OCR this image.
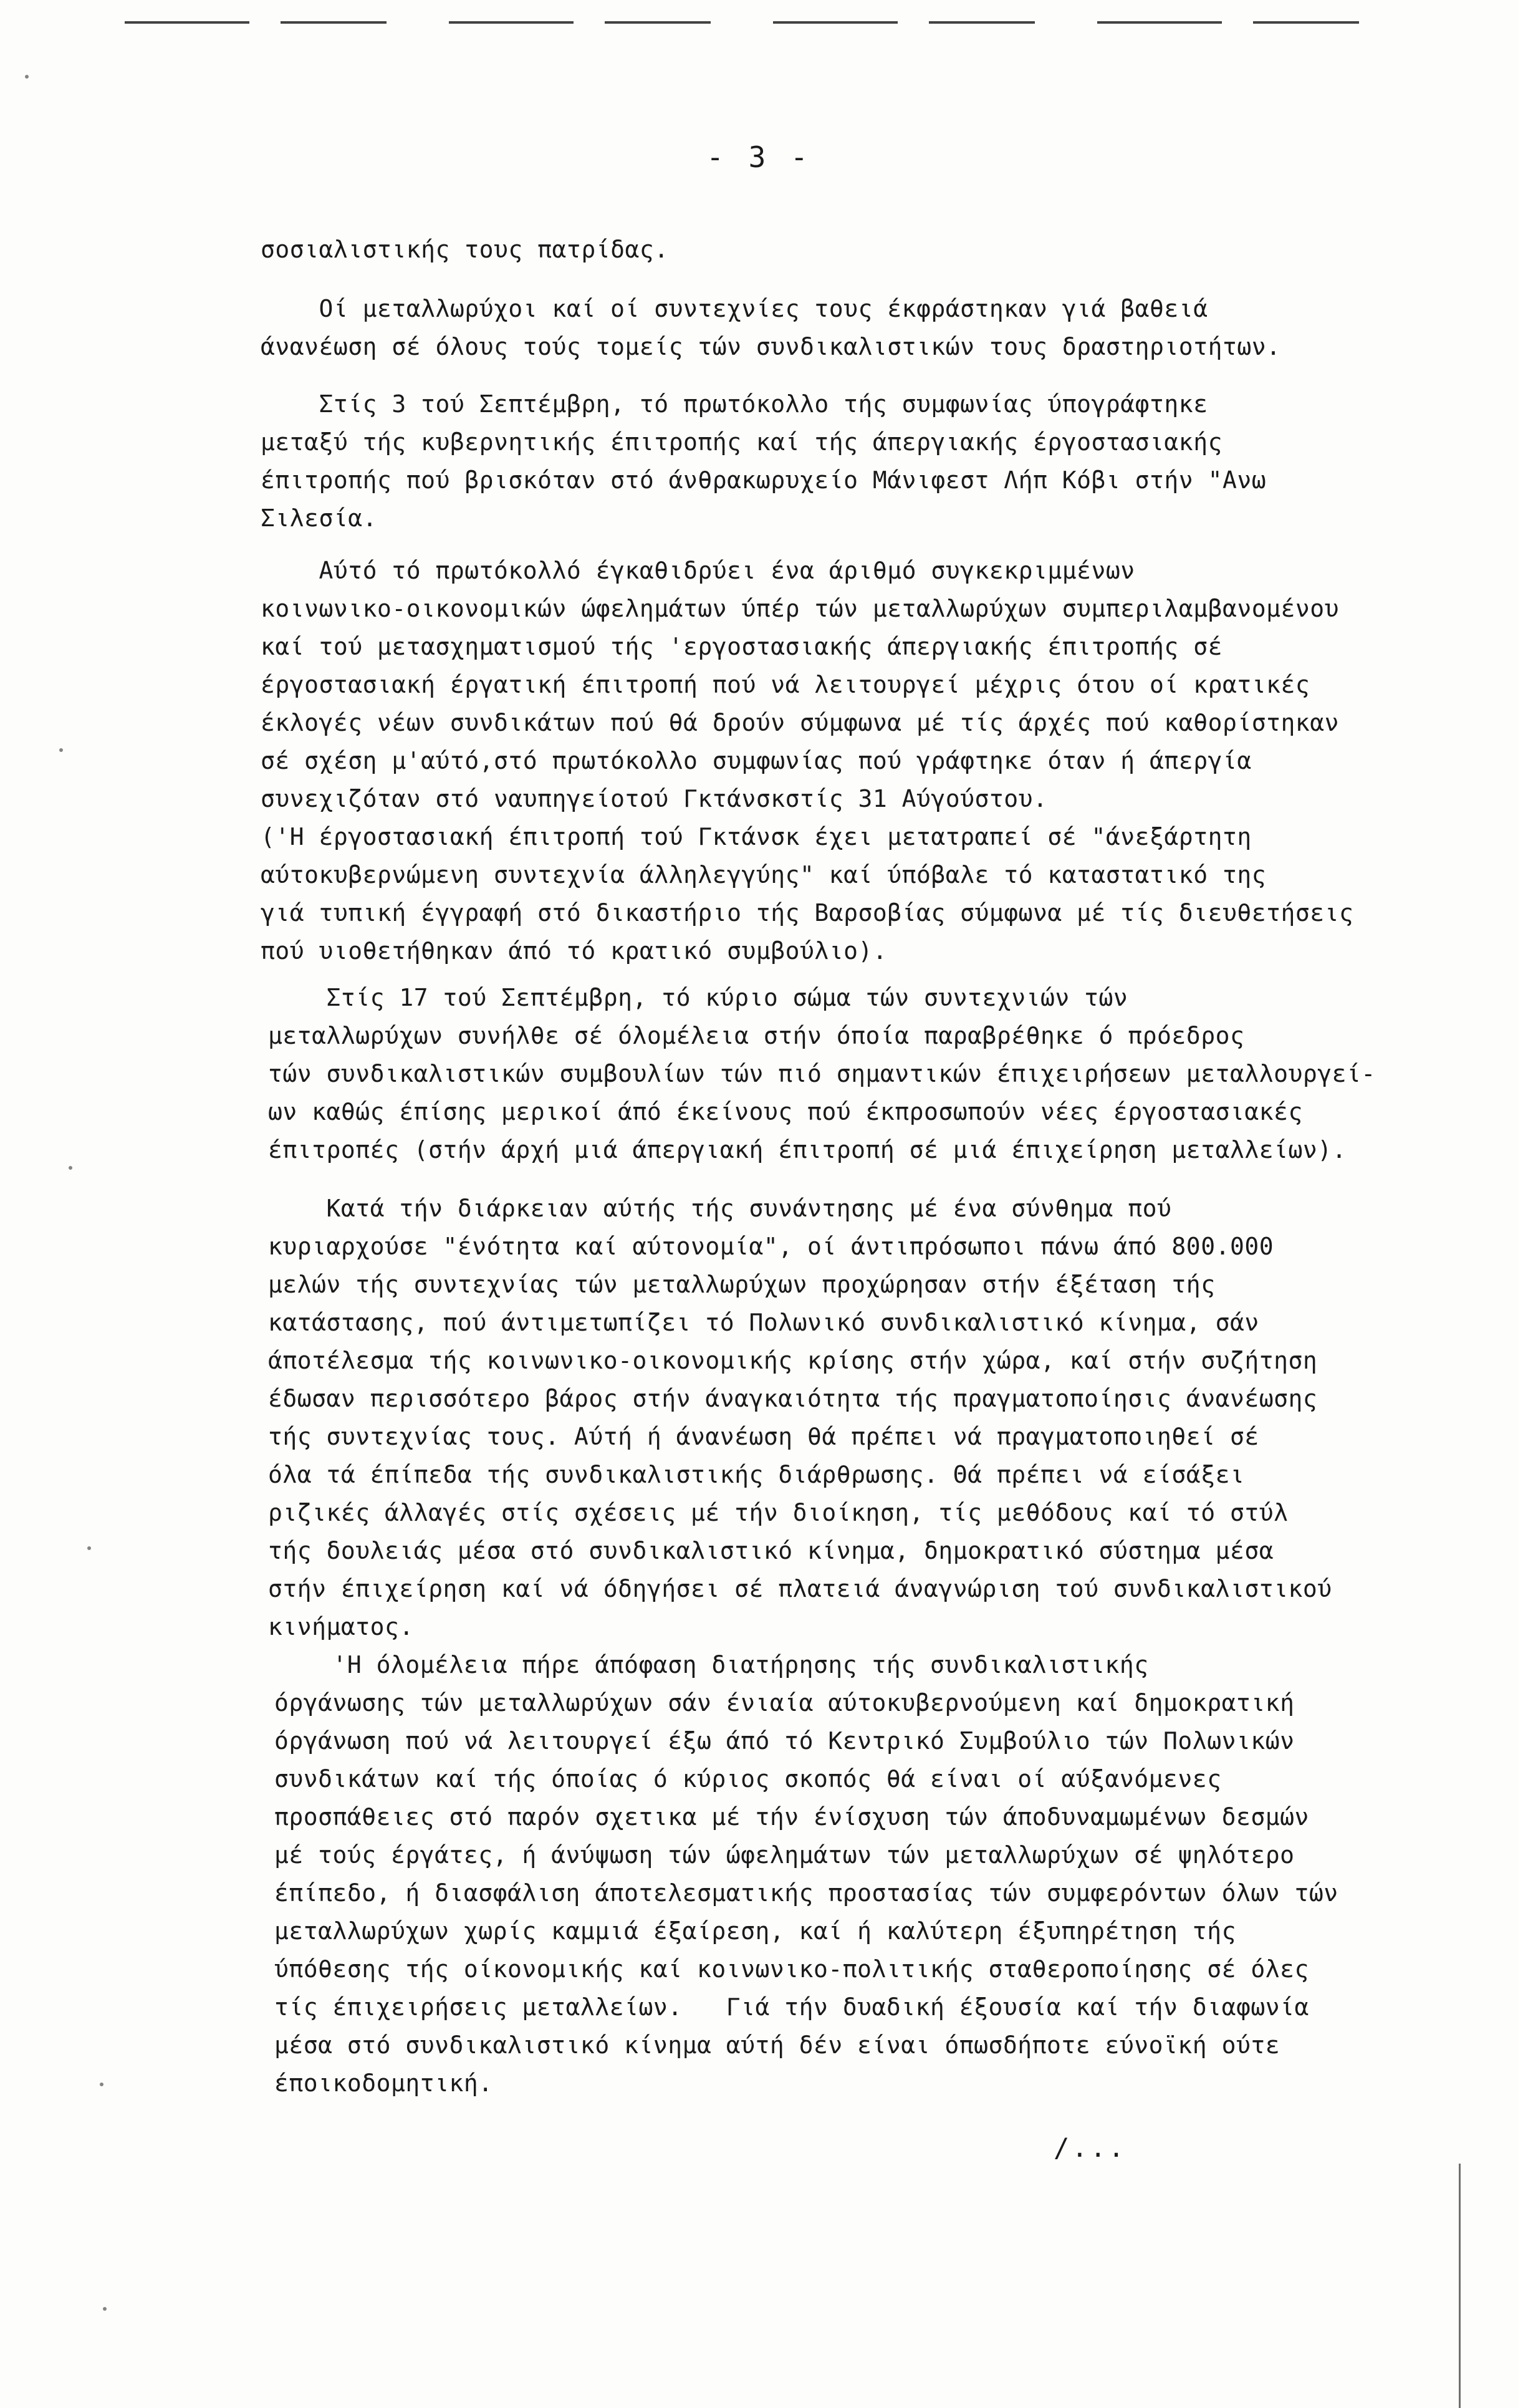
- 3 -

σοσιαλιστικής τους πατρίδας.

Οί μεταλλωρύχοι καί οί συντεχνίες τους έκφράστηκαν γιά βαθειά
άνανέωση σέ όλους τούς τομείς τών συνδικαλιστικών τους δραστηριοτήτων.

Στίς 3 τού Σεπτέμβρη, τό πρωτόκολλο τής συμφωνίας ύπογράφτηκε
μεταξύ τής κυβερνητικής έπιτροπής καί τής άπεργιακής έργοστασιακής
έπιτροπής πού βρισκόταν στό άνθρακωρυχείο Μάνιφεστ Λήπ Κόβι στήν "Ανω
Σιλεσία.

Αύτό τό πρωτόκολλό έγκαθιδρύει ένα άριθμό συγκεκριμμένων
κοινωνικο-οικονομικών ώφελημάτων ύπέρ τών μεταλλωρύχων συμπεριλαμβανομένου
καί τού μετασχηματισμού τής 'εργοστασιακής άπεργιακής έπιτροπής σέ
έργοστασιακή έργατική έπιτροπή πού νά λειτουργεί μέχρις ότου οί κρατικές
έκλογές νέων συνδικάτων πού θά δρούν σύμφωνα μέ τίς άρχές πού καθορίστηκαν
σέ σχέση μ'αύτό,στό πρωτόκολλο συμφωνίας πού γράφτηκε όταν ή άπεργία
συνεχιζόταν στό ναυπηγείοτού Γκτάνσκστίς 31 Αύγούστου.
('Η έργοστασιακή έπιτροπή τού Γκτάνσκ έχει μετατραπεί σέ "άνεξάρτητη
αύτοκυβερνώμενη συντεχνία άλληλεγγύης" καί ύπόβαλε τό καταστατικό της
γιά τυπική έγγραφή στό δικαστήριο τής Βαρσοβίας σύμφωνα μέ τίς διευθετήσεις
πού υιοθετήθηκαν άπό τό κρατικό συμβούλιο).

Στίς 17 τού Σεπτέμβρη, τό κύριο σώμα τών συντεχνιών τών
μεταλλωρύχων συνήλθε σέ όλομέλεια στήν όποία παραβρέθηκε ό πρόεδρος
τών συνδικαλιστικών συμβουλίων τών πιό σημαντικών έπιχειρήσεων μεταλλουργεί-
ων καθώς έπίσης μερικοί άπό έκείνους πού έκπροσωπούν νέες έργοστασιακές
έπιτροπές (στήν άρχή μιά άπεργιακή έπιτροπή σέ μιά έπιχείρηση μεταλλείων).

Κατά τήν διάρκειαν αύτής τής συνάντησης μέ ένα σύνθημα πού
κυριαρχούσε "ένότητα καί αύτονομία", οί άντιπρόσωποι πάνω άπό 800.000
μελών τής συντεχνίας τών μεταλλωρύχων προχώρησαν στήν έξέταση τής
κατάστασης, πού άντιμετωπίζει τό Πολωνικό συνδικαλιστικό κίνημα, σάν
άποτέλεσμα τής κοινωνικο-οικονομικής κρίσης στήν χώρα, καί στήν συζήτηση
έδωσαν περισσότερο βάρος στήν άναγκαιότητα τής πραγματοποίησις άνανέωσης
τής συντεχνίας τους. Αύτή ή άνανέωση θά πρέπει νά πραγματοποιηθεί σέ
όλα τά έπίπεδα τής συνδικαλιστικής διάρθρωσης. Θά πρέπει νά είσάξει
ριζικές άλλαγές στίς σχέσεις μέ τήν διοίκηση, τίς μεθόδους καί τό στύλ
τής δουλειάς μέσα στό συνδικαλιστικό κίνημα, δημοκρατικό σύστημα μέσα
στήν έπιχείρηση καί νά όδηγήσει σέ πλατειά άναγνώριση τού συνδικαλιστικού
κινήματος.

'Η όλομέλεια πήρε άπόφαση διατήρησης τής συνδικαλιστικής
όργάνωσης τών μεταλλωρύχων σάν ένιαία αύτοκυβερνούμενη καί δημοκρατική
όργάνωση πού νά λειτουργεί έξω άπό τό Κεντρικό Συμβούλιο τών Πολωνικών
συνδικάτων καί τής όποίας ό κύριος σκοπός θά είναι οί αύξανόμενες
προσπάθειες στό παρόν σχετικα μέ τήν ένίσχυση τών άποδυναμωμένων δεσμών
μέ τούς έργάτες, ή άνύψωση τών ώφελημάτων τών μεταλλωρύχων σέ ψηλότερο
έπίπεδο, ή διασφάλιση άποτελεσματικής προστασίας τών συμφερόντων όλων τών
μεταλλωρύχων χωρίς καμμιά έξαίρεση, καί ή καλύτερη έξυπηρέτηση τής
ύπόθεσης τής οίκονομικής καί κοινωνικο-πολιτικής σταθεροποίησης σέ όλες
τίς έπιχειρήσεις μεταλλείων.   Γιά τήν δυαδική έξουσία καί τήν διαφωνία
μέσα στό συνδικαλιστικό κίνημα αύτή δέν είναι όπωσδήποτε εύνοϊκή ούτε
έποικοδομητική.

/...
